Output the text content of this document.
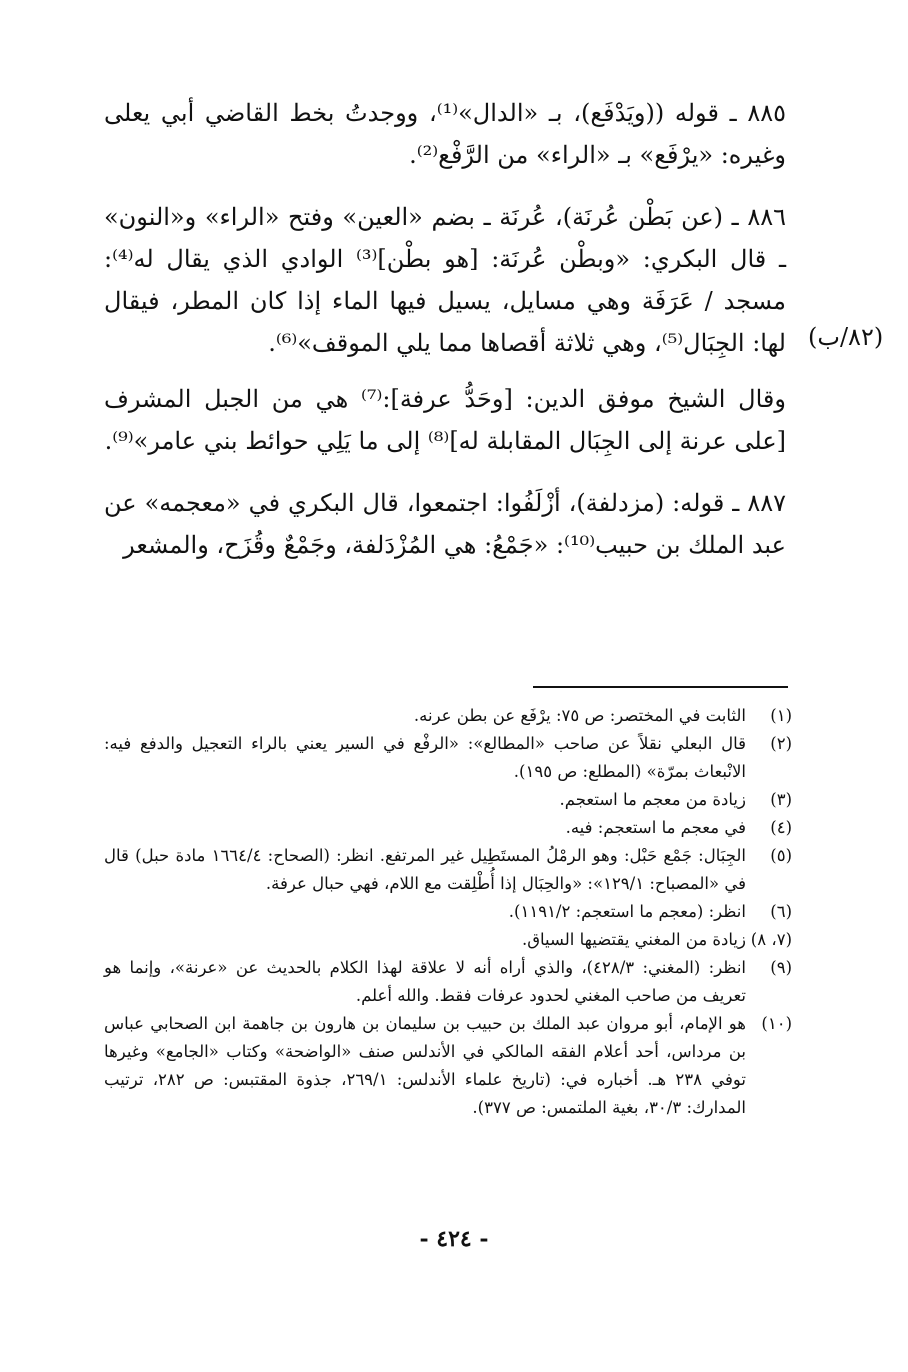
٨٨٥ ـ قوله ((ويَدْفَع)، بـ «الدال»⁽¹⁾، ووجدتُ بخط القاضي أبي يعلى وغيره: «يرْفَع» بـ «الراء» من الرَّفْع⁽²⁾.

٨٨٦ ـ (عن بَطْن عُرنَة)، عُرنَة ـ بضم «العين» وفتح «الراء» و«النون» ـ قال البكري: «وبطْن عُرنَة: [هو بطْن]⁽³⁾ الوادي الذي يقال له⁽⁴⁾: مسجد / عَرَفَة وهي مسايل، يسيل فيها الماء إذا كان المطر، فيقال لها: الجِبَال⁽⁵⁾، وهي ثلاثة أقصاها مما يلي الموقف»⁽⁶⁾.

وقال الشيخ موفق الدين: [وحَدُّ عرفة]:⁽⁷⁾ هي من الجبل المشرف [على عرنة إلى الجِبَال المقابلة له]⁽⁸⁾ إلى ما يَلِي حوائط بني عامر»⁽⁹⁾.

٨٨٧ ـ قوله: (مزدلفة)، أزْلَفُوا: اجتمعوا، قال البكري في «معجمه» عن عبد الملك بن حبيب⁽¹⁰⁾: «جَمْعُ: هي المُزْدَلفة، وجَمْعٌ وقُزَح، والمشعر

(٨٢/ب)
(١)
الثابت في المختصر: ص ٧٥: يرْفَع عن بطن عرنه.
(٢)
قال البعلي نقلاً عن صاحب «المطالع»: «الرفْع في السير يعني بالراء التعجيل والدفع فيه: الانْبعاث بمرّة» (المطلع: ص ١٩٥).
(٣)
زيادة من معجم ما استعجم.
(٤)
في معجم ما استعجم: فيه.
(٥)
الجِبَال: جَمْع حَبْل: وهو الرمْلُ المستَطِيل غير المرتفع. انظر: (الصحاح: ١٦٦٤/٤ مادة حبل) قال في «المصباح: ١٢٩/١»: «والحِبَال إذا أُطْلِقت مع اللام، فهي حبال عرفة.
(٦)
انظر: (معجم ما استعجم: ١١٩١/٢).
(٧، ٨)
زيادة من المغني يقتضيها السياق.
(٩)
انظر: (المغني: ٤٢٨/٣)، والذي أراه أنه لا علاقة لهذا الكلام بالحديث عن «عرنة»، وإنما هو تعريف من صاحب المغني لحدود عرفات فقط. والله أعلم.
(١٠)
هو الإمام، أبو مروان عبد الملك بن حبيب بن سليمان بن هارون بن جاهمة ابن الصحابي عباس بن مرداس، أحد أعلام الفقه المالكي في الأندلس صنف «الواضحة» وكتاب «الجامع» وغيرها توفي ٢٣٨ هـ. أخباره في: (تاريخ علماء الأندلس: ٢٦٩/١، جذوة المقتبس: ص ٢٨٢، ترتيب المدارك: ٣٠/٣، بغية الملتمس: ص ٣٧٧).
- ٤٢٤ -
